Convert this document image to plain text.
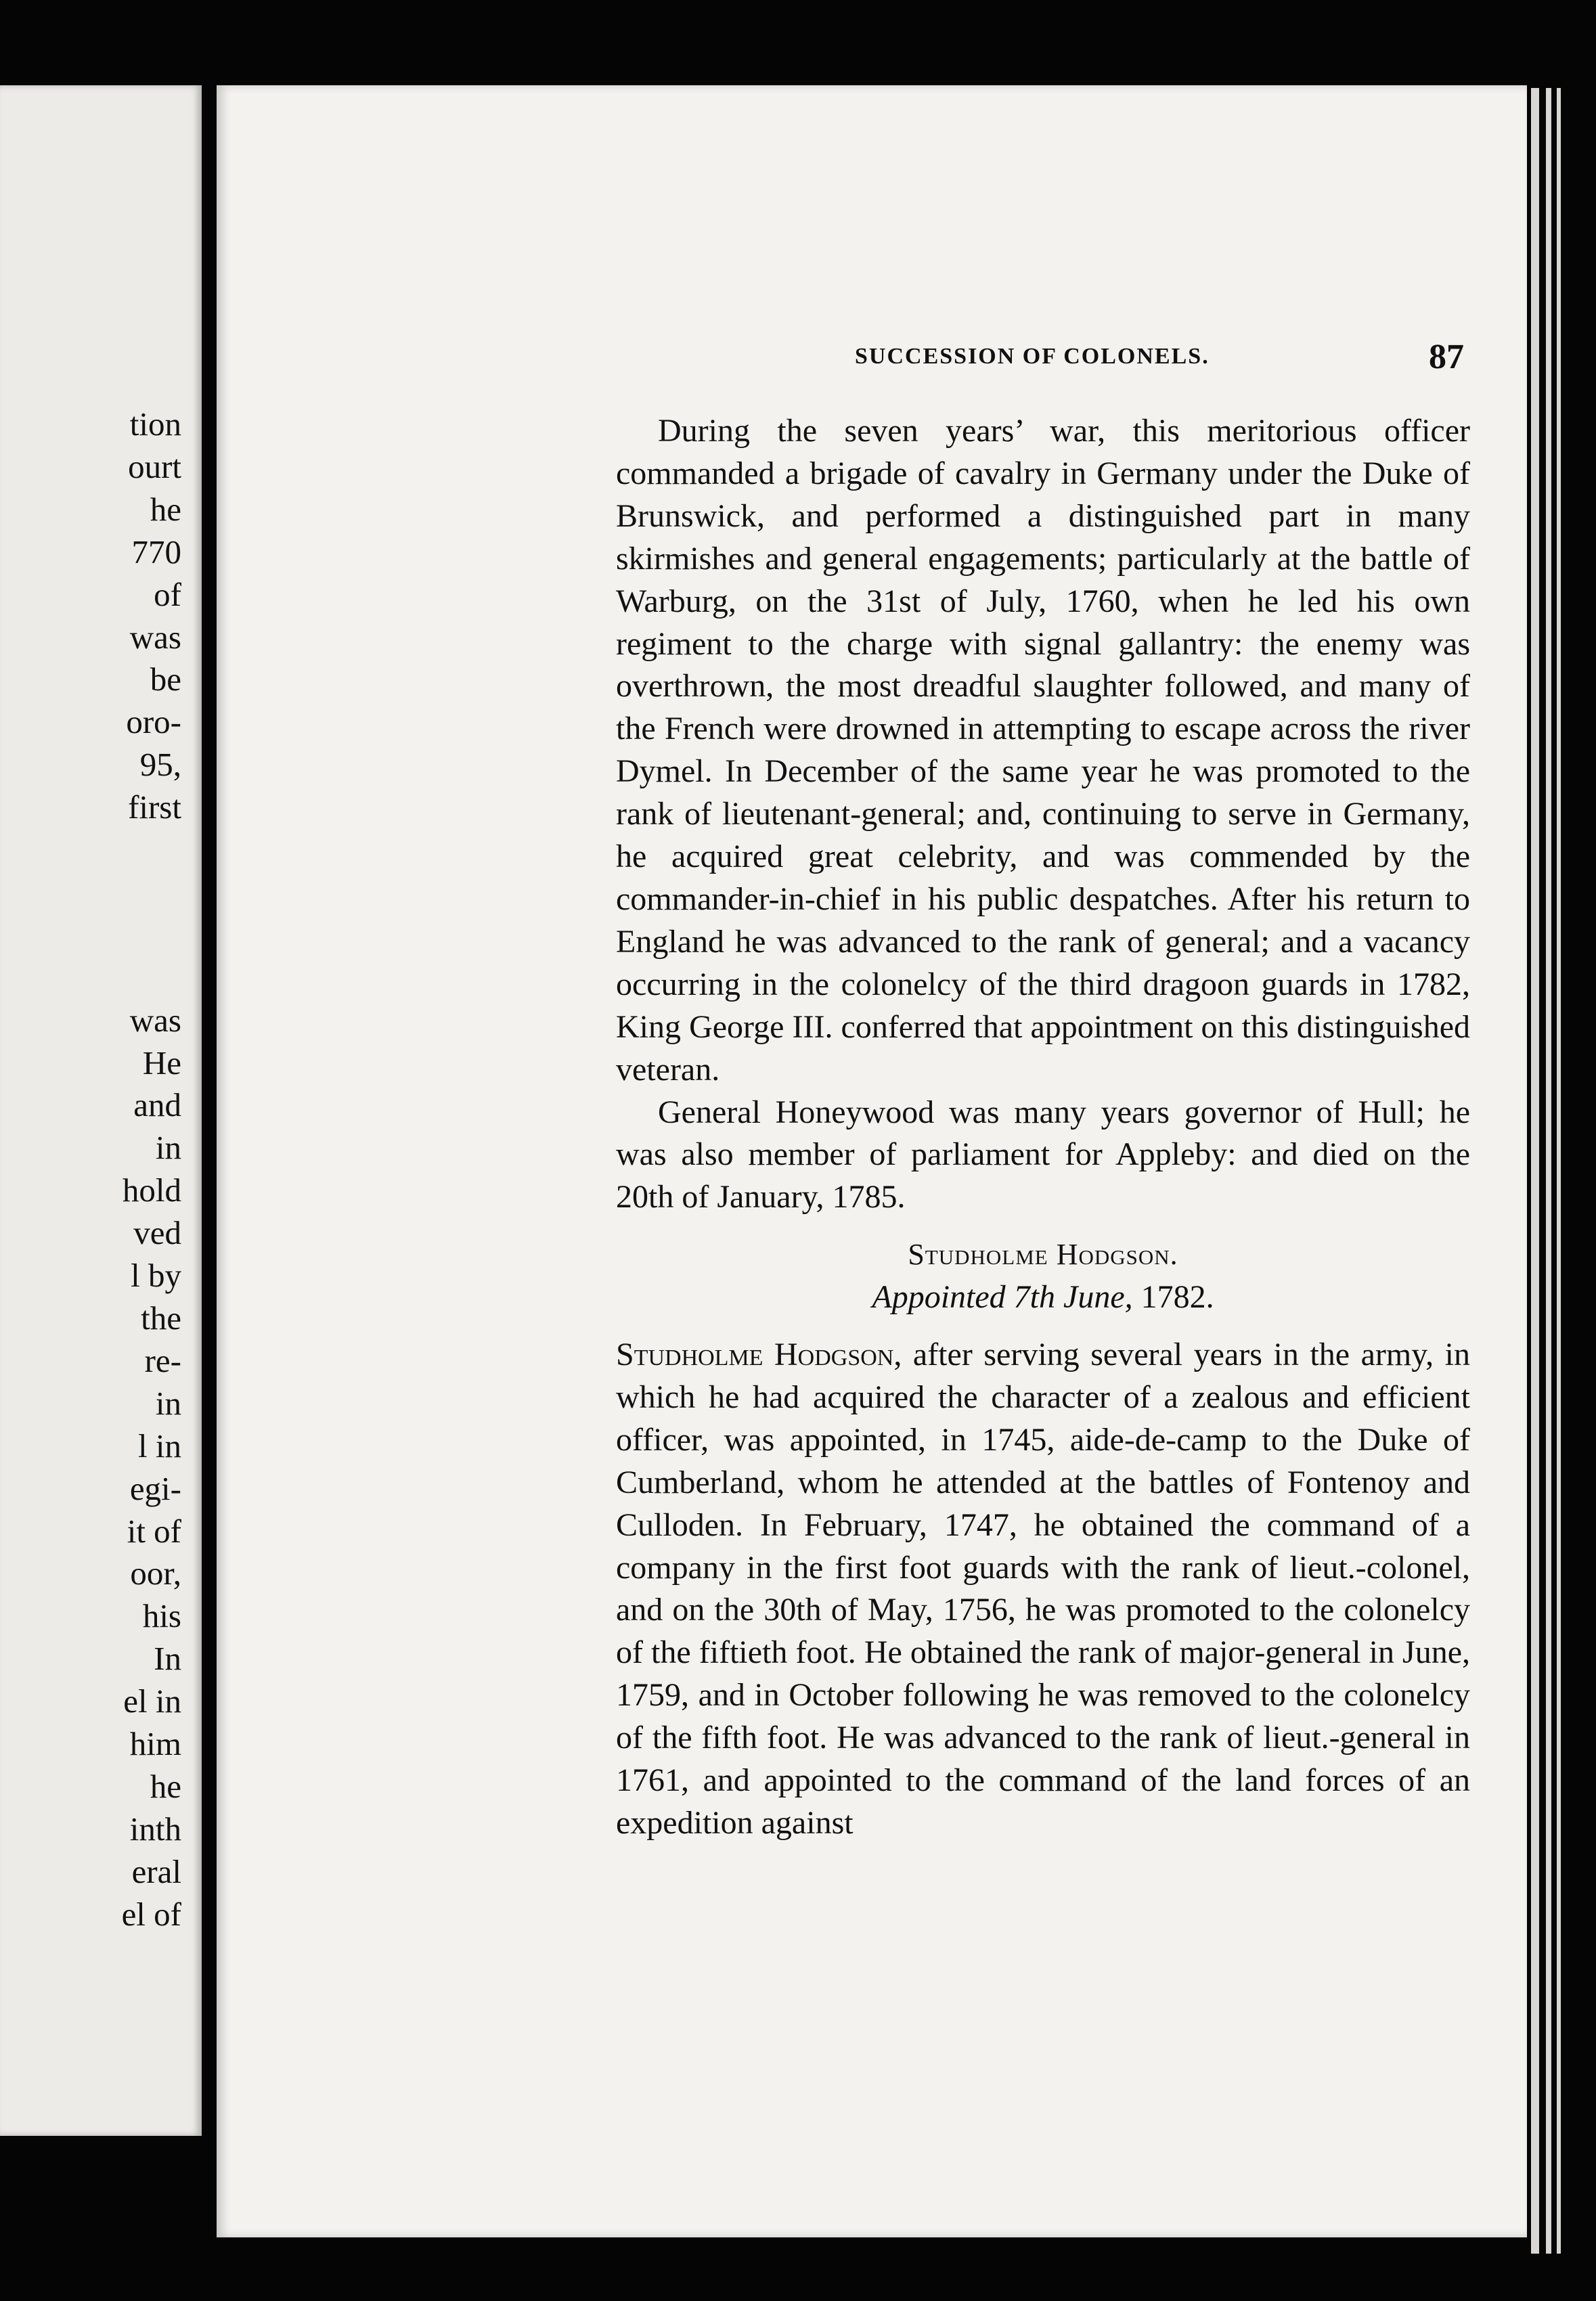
tion
ourt
he
770
of
was
be
oro-
95,
first
was
He
and
in
hold
ved
l by
the
re-
in
l in
egi-
it of
oor,
his
In
el in
him
he
inth
eral
el of
SUCCESSION OF COLONELS.	87

During the seven years’ war, this meritorious officer commanded a brigade of cavalry in Germany under the Duke of Brunswick, and performed a distinguished part in many skirmishes and general engagements; particularly at the battle of Warburg, on the 31st of July, 1760, when he led his own regiment to the charge with signal gallantry: the enemy was overthrown, the most dreadful slaughter followed, and many of the French were drowned in attempting to escape across the river Dymel. In December of the same year he was promoted to the rank of lieutenant-general; and, continuing to serve in Germany, he acquired great celebrity, and was commended by the commander-in-chief in his public despatches. After his return to England he was advanced to the rank of general; and a vacancy occurring in the colonelcy of the third dragoon guards in 1782, King George III. conferred that appointment on this distinguished veteran.

General Honeywood was many years governor of Hull; he was also member of parliament for Appleby: and died on the 20th of January, 1785.

Studholme Hodgson.

Appointed 7th June, 1782.

Studholme Hodgson, after serving several years in the army, in which he had acquired the character of a zealous and efficient officer, was appointed, in 1745, aide-de-camp to the Duke of Cumberland, whom he attended at the battles of Fontenoy and Culloden. In February, 1747, he obtained the command of a company in the first foot guards with the rank of lieut.-colonel, and on the 30th of May, 1756, he was promoted to the colonelcy of the fiftieth foot. He obtained the rank of major-general in June, 1759, and in October following he was removed to the colonelcy of the fifth foot. He was advanced to the rank of lieut.-general in 1761, and appointed to the command of the land forces of an expedition against
